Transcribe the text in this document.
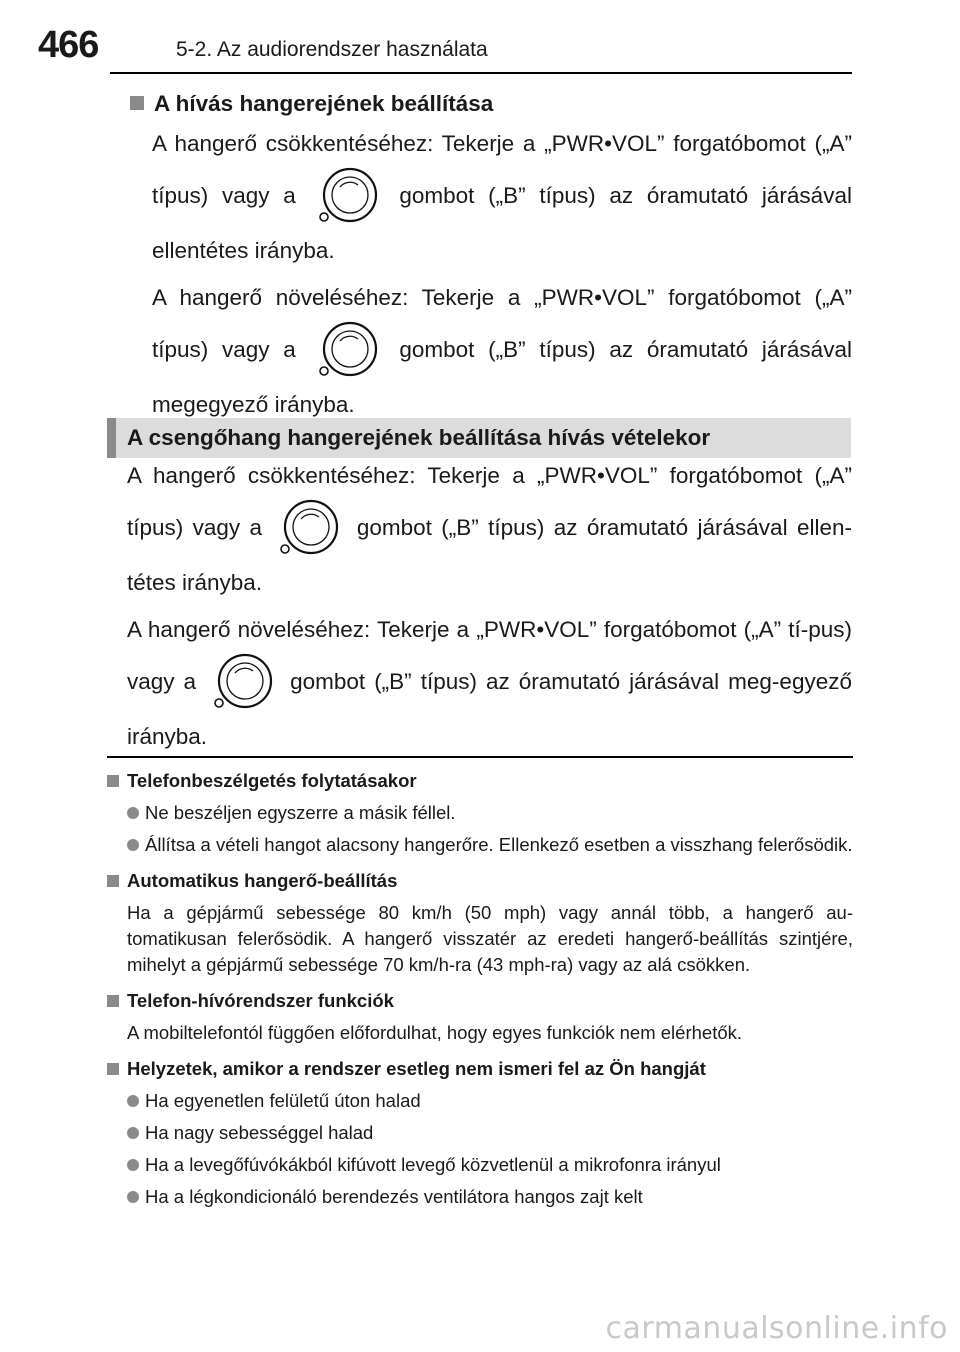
466	5-2. Az audiorendszer használata
A hívás hangerejének beállítása

A hangerő csökkentéséhez: Tekerje a „PWR•VOL” forgatóbomot („A” típus) vagy a	gombot („B” típus) az óramutató járásával ellentétes irányba.

A hangerő növeléséhez: Tekerje a „PWR•VOL” forgatóbomot („A” típus) vagy a	gombot („B” típus) az óramutató járásával megegyező irányba.

A csengőhang hangerejének beállítása hívás vételekor

A hangerő csökkentéséhez: Tekerje a „PWR•VOL” forgatóbomot („A” típus) vagy a	gombot („B” típus) az óramutató járásával ellen-tétes irányba.

A hangerő növeléséhez: Tekerje a „PWR•VOL” forgatóbomot („A” tí-pus) vagy a	gombot („B” típus) az óramutató járásával meg-egyező irányba.

Telefonbeszélgetés folytatásakor
Ne beszéljen egyszerre a másik féllel.
Állítsa a vételi hangot alacsony hangerőre. Ellenkező esetben a visszhang felerősödik.
Automatikus hangerő-beállítás
Ha a gépjármű sebessége 80 km/h (50 mph) vagy annál több, a hangerő au-tomatikusan felerősödik. A hangerő visszatér az eredeti hangerő-beállítás szintjére, mihelyt a gépjármű sebessége 70 km/h-ra (43 mph-ra) vagy az alá csökken.
Telefon-hívórendszer funkciók
A mobiltelefontól függően előfordulhat, hogy egyes funkciók nem elérhetők.
Helyzetek, amikor a rendszer esetleg nem ismeri fel az Ön hangját
Ha egyenetlen felületű úton halad
Ha nagy sebességgel halad
Ha a levegőfúvókákból kifúvott levegő közvetlenül a mikrofonra irányul
Ha a légkondicionáló berendezés ventilátora hangos zajt kelt
carmanualsonline.info
